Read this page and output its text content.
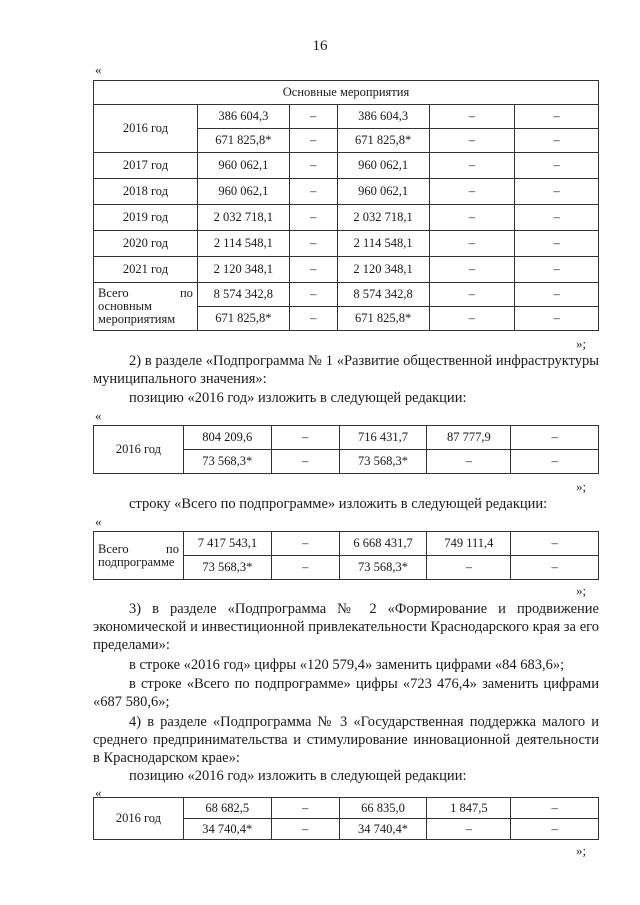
16
«
Основные мероприятия					
2016 год	386 604,3	–	386 604,3	–	–
	671 825,8*	–	671 825,8*	–	–
2017 год	960 062,1	–	960 062,1	–	–
2018 год	960 062,1	–	960 062,1	–	–
2019 год	2 032 718,1	–	2 032 718,1	–	–
2020 год	2 114 548,1	–	2 114 548,1	–	–
2021 год	2 120 348,1	–	2 120 348,1	–	–
Всего по основным мероприятиям	8 574 342,8	–	8 574 342,8	–	–
	671 825,8*	–	671 825,8*	–	–
»;
2) в разделе «Подпрограмма № 1 «Развитие общественной инфраструктуры муниципального значения»:
позицию «2016 год» изложить в следующей редакции:
«
2016 год	804 209,6	–	716 431,7	87 777,9	–
	73 568,3*	–	73 568,3*	–	–
»;
строку «Всего по подпрограмме» изложить в следующей редакции:
«
Всего по подпрограмме	7 417 543,1	–	6 668 431,7	749 111,4	–
	73 568,3*	–	73 568,3*	–	–
»;
3) в разделе «Подпрограмма № 2 «Формирование и продвижение экономической и инвестиционной привлекательности Краснодарского края за его пределами»:
в строке «2016 год» цифры «120 579,4» заменить цифрами «84 683,6»;
в строке «Всего по подпрограмме» цифры «723 476,4» заменить цифрами «687 580,6»;
4) в разделе «Подпрограмма № 3 «Государственная поддержка малого и среднего предпринимательства и стимулирование инновационной деятельности в Краснодарском крае»:
позицию «2016 год» изложить в следующей редакции:
«
2016 год	68 682,5	–	66 835,0	1 847,5	–
	34 740,4*	–	34 740,4*	–	–
»;
